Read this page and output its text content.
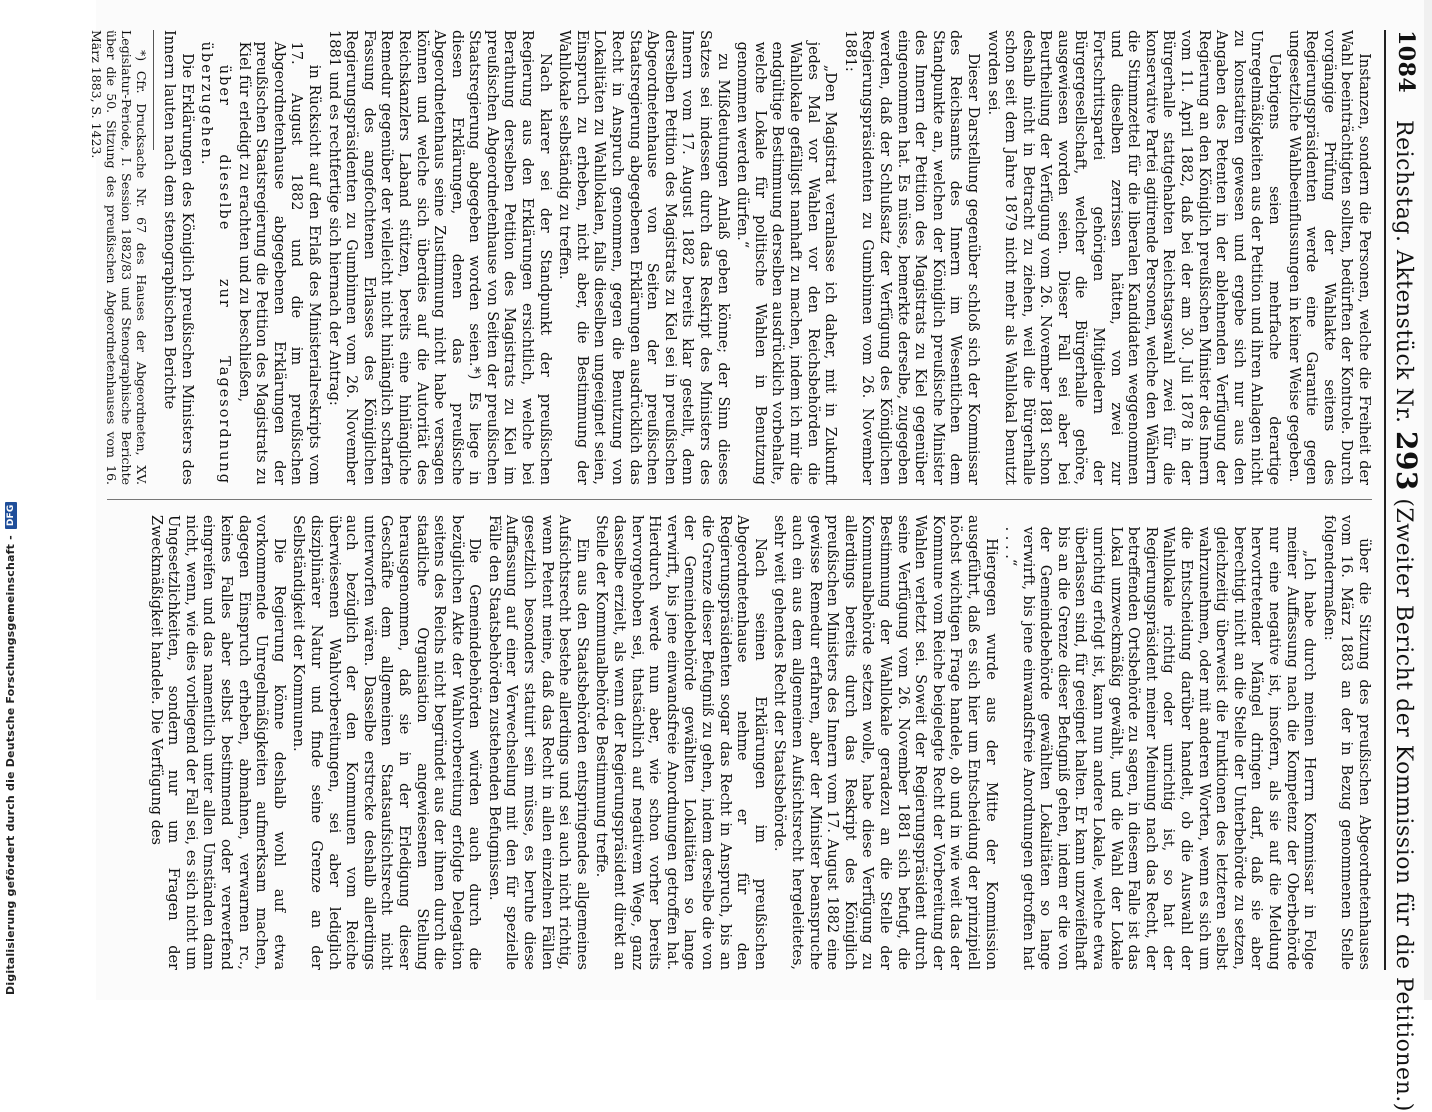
1084
Reichstag. Aktenstück Nr. 293 (Zweiter Bericht der Kommission für die Petitionen.)

Instanzen, sondern die Personen, welche die Freiheit der Wahl beeinträchtigten sollten, bedürften der Kontrole. Durch vorgängige Prüfung der Wahlakte seitens des Regierungspräsidenten werde eine Garantie gegen ungesetzliche Wahlbeeinflussungen in keiner Weise gegeben.

Uebrigens seien mehrfache derartige Unregelmäßigkeiten aus der Petition und ihren Anlagen nicht zu konstatiren gewesen und ergebe sich nur aus den Angaben des Petenten in der ablehnenden Verfügung der Regierung an den Königlich preußischen Minister des Innern vom 11. April 1882, daß bei der am 30. Juli 1878 in der Bürgerhalle stattgehabten Reichstagswahl zwei für die konservative Partei agitirende Personen, welche den Wählern die Stimmzettel für die liberalen Kandidaten weggenommen und dieselben zerrissen hätten, von zwei zur Fortschrittspartei gehörigen Mitgliedern der Bürgergesellschaft, welcher die Bürgerhalle gehöre, ausgewiesen worden seien. Dieser Fall sei aber bei Beurtheilung der Verfügung vom 26. November 1881 schon deshalb nicht in Betracht zu ziehen, weil die Bürgerhalle schon seit dem Jahre 1879 nicht mehr als Wahllokal benutzt worden sei.

Dieser Darstellung gegenüber schloß sich der Kommissar des Reichsamts des Innern im Wesentlichen dem Standpunkte an, welchen der Königlich preußische Minister des Innern der Petition des Magistrats zu Kiel gegenüber eingenommen hat. Es müsse, bemerkte derselbe, zugegeben werden, daß der Schlußsatz der Verfügung des Königlichen Regierungspräsidenten zu Gumbinnen vom 26. November 1881:

„Den Magistrat veranlasse ich daher, mit in Zukunft jedes Mal vor Wahlen vor den Reichsbehörden die Wahllokale gefälligst namhaft zu machen, indem ich mir die endgültige Bestimmung derselben ausdrücklich vorbehalte, welche Lokale für politische Wahlen in Benutzung genommen werden dürfen.“

zu Mißdeutungen Anlaß geben könne; der Sinn dieses Satzes sei indessen durch das Reskript des Ministers des Innern vom 17. August 1882 bereits klar gestellt, denn derselben Petition des Magistrats zu Kiel sei in preußischen Abgeordnetenhause von Seiten der preußischen Staatsregierung abgegebenen Erklärungen ausdrücklich das Recht in Anspruch genommen, gegen die Benutzung von Lokalitäten zu Wahllokalen, falls dieselben ungeeignet seien, Einspruch zu erheben, nicht aber, die Bestimmung der Wahllokale selbständig zu treffen.

Nach klarer sei der Standpunkt der preußischen Regierung aus den Erklärungen ersichtlich, welche bei Berathung derselben Petition des Magistrats zu Kiel im preußischen Abgeordnetenhause von Seiten der preußischen Staatsregierung abgegeben worden seien.*) Es liege in diesen Erklärungen, denen das preußische Abgeordnetenhaus seine Zustimmung nicht habe versagen können und welche sich überdies auf die Autorität des Reichskanzlers Laband stützen, bereits eine hinlängliche Remedur gegenüber der vielleicht nicht hinlänglich scharfen Fassung des angefochtenen Erlasses des Königlichen Regierungspräsidenten zu Gumbinnen vom 26. November 1881 und es rechtfertige sich hiernach der Antrag:

in Rücksicht auf den Erlaß des Ministerialreskripts vom 17. August 1882 und die im preußischen Abgeordnetenhause abgegebenen Erklärungen der preußischen Staatsregierung die Petition des Magistrats zu Kiel für erledigt zu erachten und zu beschließen,

über dieselbe zur Tagesordnung überzugehen.

Die Erklärungen des Königlich preußischen Ministers des Innern lauten nach dem stenographischen Berichte

*) Cfr. Drucksache Nr. 67 des Hauses der Abgeordneten, XV. Legislatur-Periode, I. Session 1882/83 und Stenographische Berichte über die 50. Sitzung des preußischen Abgeordnetenhauses vom 16. März 1883, S. 1423.

über die Sitzung des preußischen Abgeordnetenhauses vom 16. März 1883 an der in Bezug genommenen Stelle folgendermaßen:

„Ich habe durch meinen Herrn Kommissar in Folge meiner Auffassung nach die Kompetenz der Oberbehörde nur eine negative ist, insofern, als sie auf die Meldung hervortretender Mängel dringen darf, daß sie aber berechtigt nicht an die Stelle der Unterbehörde zu setzen, gleichzeitig überweist die Funktionen des letzteren selbst wahrzunehmen, oder mit anderen Worten, wenn es sich um die Entscheidung darüber handelt, ob die Auswahl der Wahllokale richtig oder unrichtig ist, so hat der Regierungspräsident meiner Meinung nach das Recht, der betreffenden Ortsbehörde zu sagen, in diesem Falle ist das Lokal unzweckmäßig gewählt, und die Wahl der Lokale unrichtig erfolgt ist, kann nun andere Lokale, welche etwa überlassen sind, für geeignet halten. Er kann unzweifelhaft bis an die Grenze dieser Befugniß gehen, indem er die von der Gemeindebehörde gewählten Lokalitäten so lange verwirft, bis jene einwandsfreie Anordnungen getroffen hat . . . .“

Hiergegen wurde aus der Mitte der Kommission ausgeführt, daß es sich hier um Entscheidung der prinzipiell höchst wichtigen Frage handele, ob und in wie weit das der Kommune vom Reiche beigelegte Recht der Vorbereitung der Wahlen verletzt sei. Soweit der Regierungspräsident durch seine Verfügung vom 26. November 1881 sich befugt, die Bestimmung der Wahllokale geradezu an die Stelle der Kommunalbehörde setzen wolle, habe diese Verfügung zu allerdings bereits durch das Reskript des Königlich preußischen Ministers des Innern vom 17. August 1882 eine gewisse Remedur erfahren, aber der Minister beanspruche auch ein aus dem allgemeinen Aufsichtsrecht hergeleitetes, sehr weit gehendes Recht der Staatsbehörde.

Nach seinen Erklärungen im preußischen Abgeordnetenhause nehme er für den Regierungspräsidenten sogar das Recht in Anspruch, bis an die Grenze dieser Befugniß zu gehen, indem derselbe die von der Gemeindebehörde gewählten Lokalitäten so lange verwirft, bis jene einwandsfreie Anordnungen getroffen hat. Hierdurch werde nun aber, wie schon vorher bereits hervorgehoben sei, thatsächlich auf negativem Wege, ganz dasselbe erzielt, als wenn der Regierungspräsident direkt an Stelle der Kommunalbehörde Bestimmung treffe.

Ein aus den Staatsbehörden entspringendes allgemeines Aufsichtsrecht bestehe allerdings und sei auch nicht richtig, wenn Petent meine, daß das Recht in allen einzelnen Fällen gesetzlich besonders statuirt sein müsse, es beruhe diese Auffassung auf einer Verwechselung mit den für spezielle Fälle den Staatsbehörden zustehenden Befugnissen.

Die Gemeindebehörden würden auch durch die bezüglichen Akte der Wahlvorbereitung erfolgte Delegation seitens des Reichs nicht begründet aus der ihnen durch die staatliche Organisation angewiesenen Stellung herausgenommen, daß sie in der Erledigung dieser Geschäfte dem allgemeinen Staatsaufsichtsrecht nicht unterworfen wären. Dasselbe erstrecke deshalb allerdings auch bezüglich der den Kommunen vom Reiche überwiesenen Wahlvorbereitungen, sei aber lediglich disziplinärer Natur und finde seine Grenze an der Selbständigkeit der Kommunen.

Die Regierung könne deshalb wohl auf etwa vorkommende Unregelmäßigkeiten aufmerksam machen, dagegen Einspruch erheben, abmahnen, verwarnen rc., keines Falles aber selbst bestimmend oder verwerfend eingreifen und das namentlich unter allen Umständen dann nicht, wenn, wie dies vorliegend der Fall sei, es sich nicht um Ungesetzlichkeiten, sondern nur um Fragen der Zweckmäßigkeit handele. Die Verfügung des

Digitalisierung gefördert durch die Deutsche Forschungsgemeinschaft -
DFG
